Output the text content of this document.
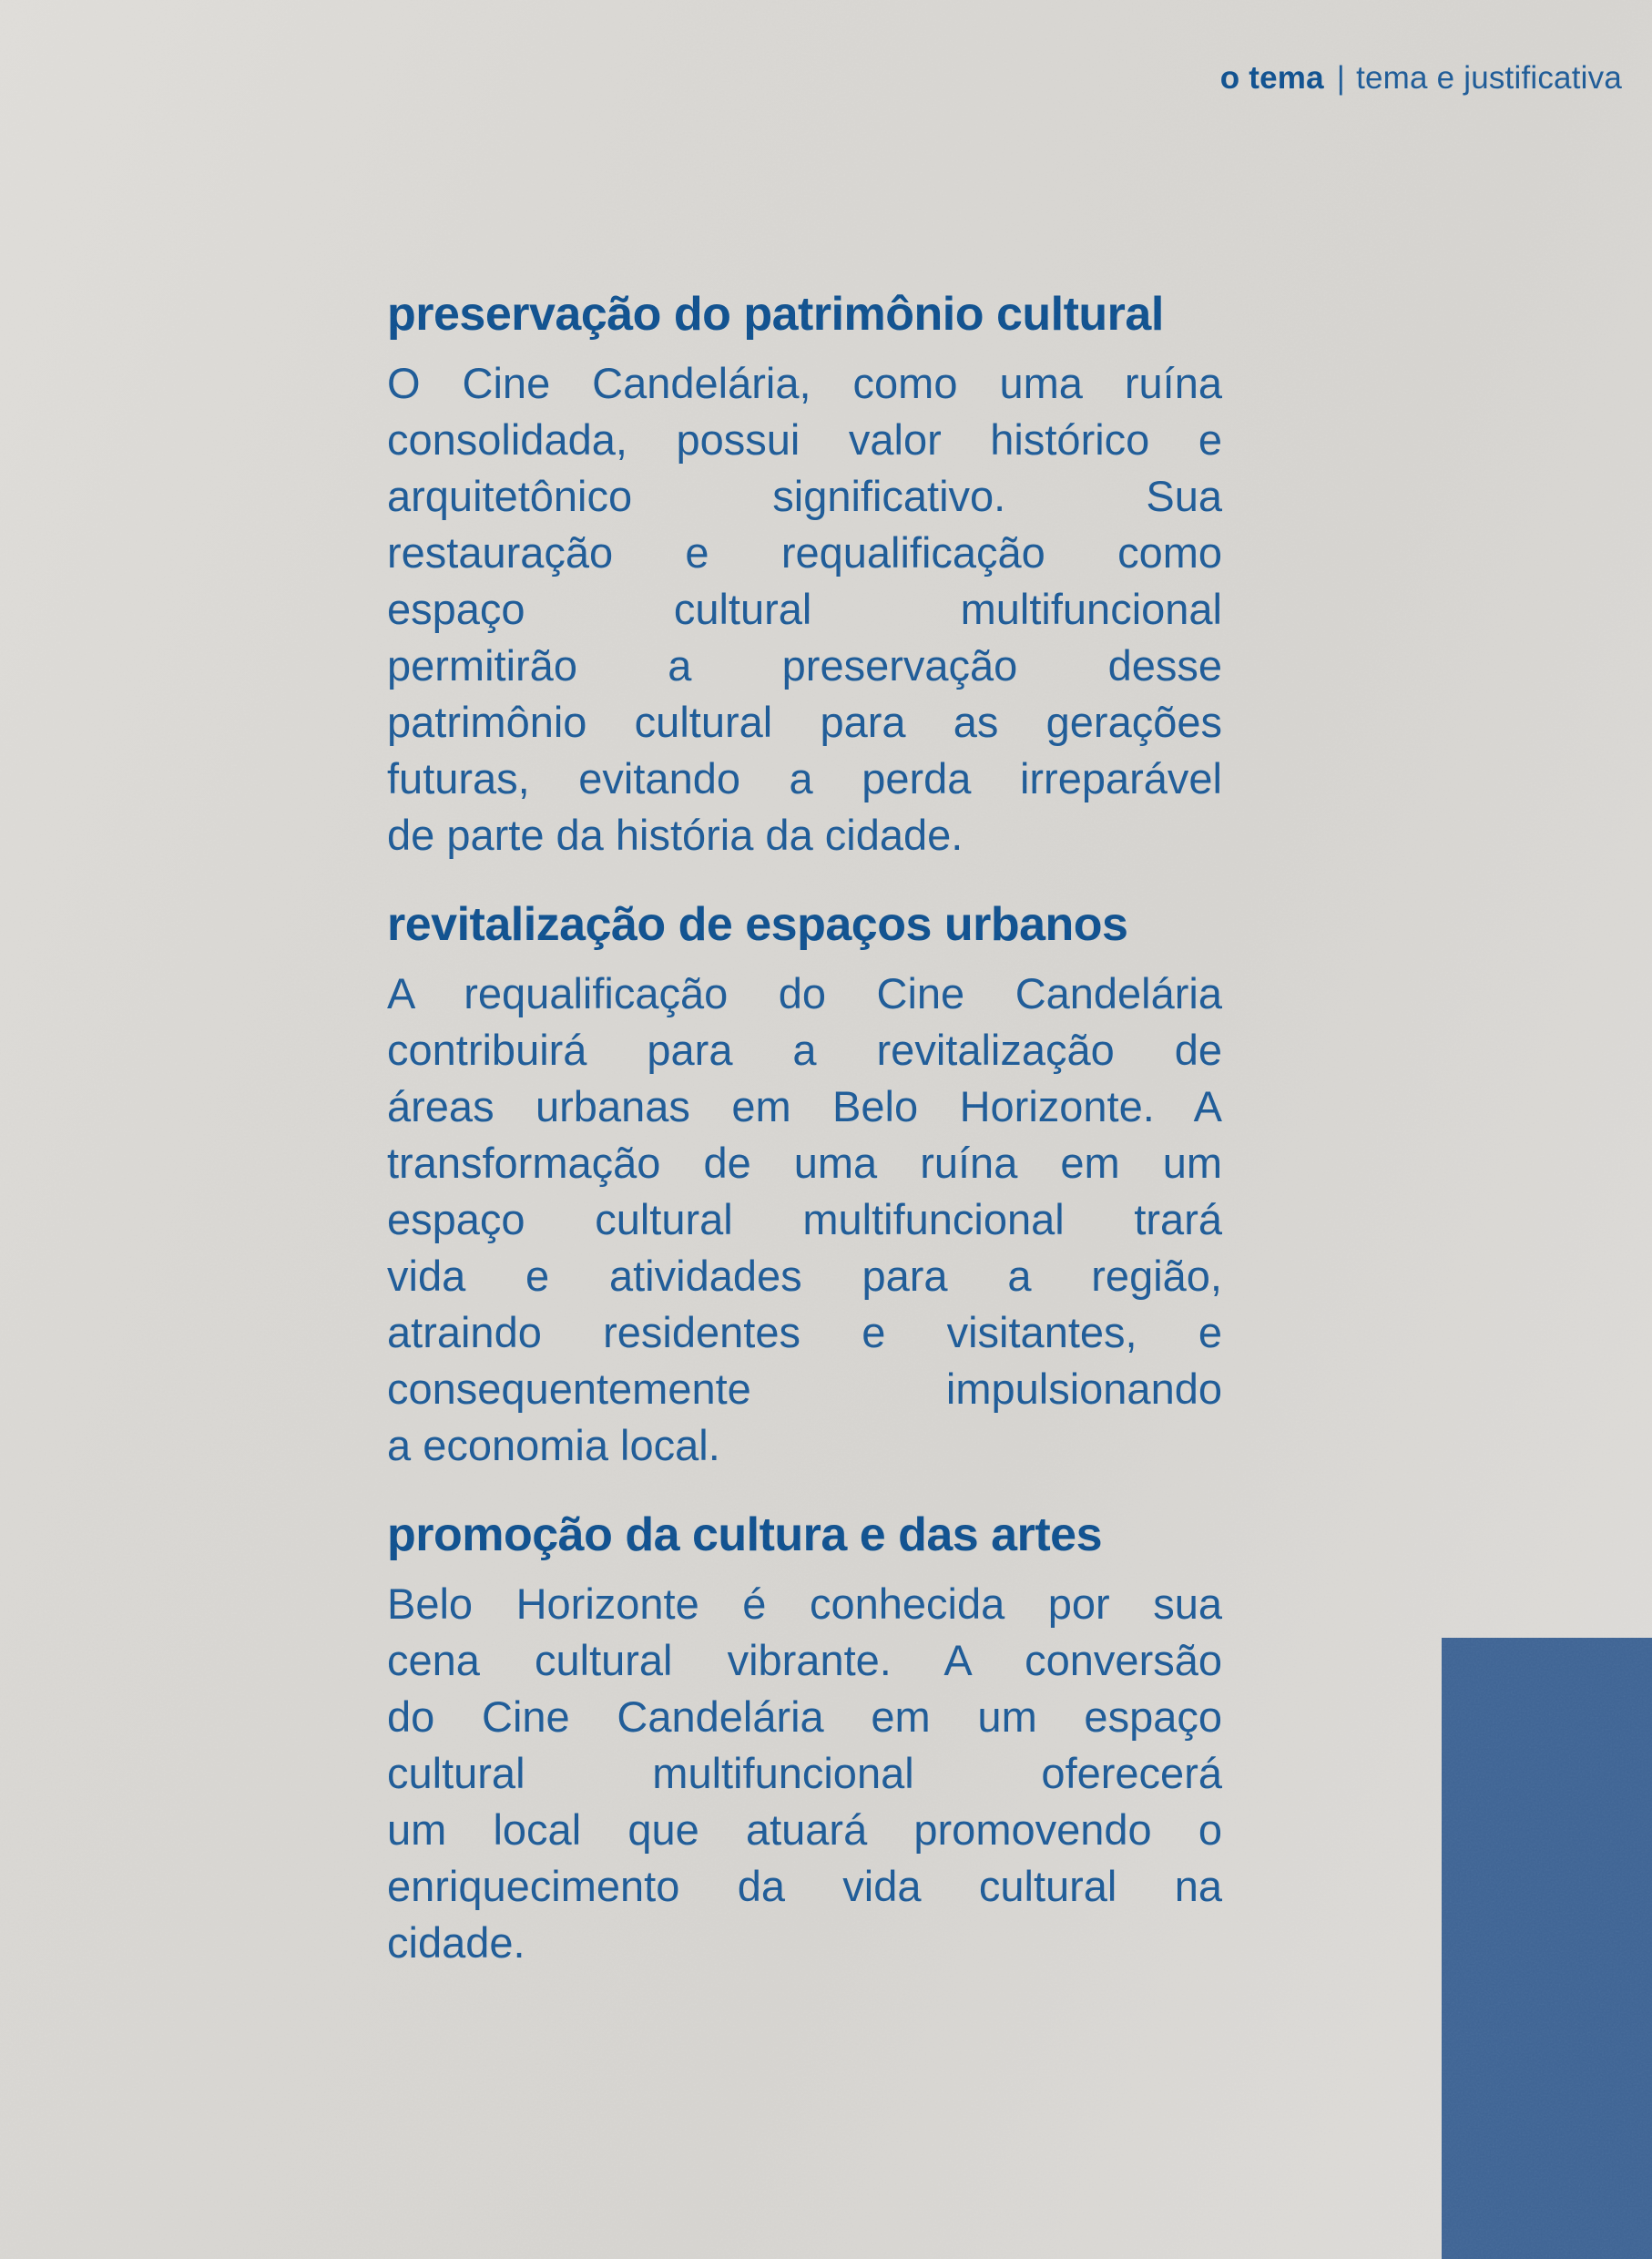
o tema | tema e justificativa
preservação do patrimônio cultural
O Cine Candelária, como uma ruína
consolidada, possui valor histórico e
arquitetônico significativo. Sua
restauração e requalificação como
espaço cultural multifuncional
permitirão a preservação desse
patrimônio cultural para as gerações
futuras, evitando a perda irreparável
de parte da história da cidade.
revitalização de espaços urbanos
A requalificação do Cine Candelária
contribuirá para a revitalização de
áreas urbanas em Belo Horizonte. A
transformação de uma ruína em um
espaço cultural multifuncional trará
vida e atividades para a região,
atraindo residentes e visitantes, e
consequentemente impulsionando
a economia local.
promoção da cultura e das artes
Belo Horizonte é conhecida por sua
cena cultural vibrante. A conversão
do Cine Candelária em um espaço
cultural multifuncional oferecerá
um local que atuará promovendo o
enriquecimento da vida cultural na
cidade.
